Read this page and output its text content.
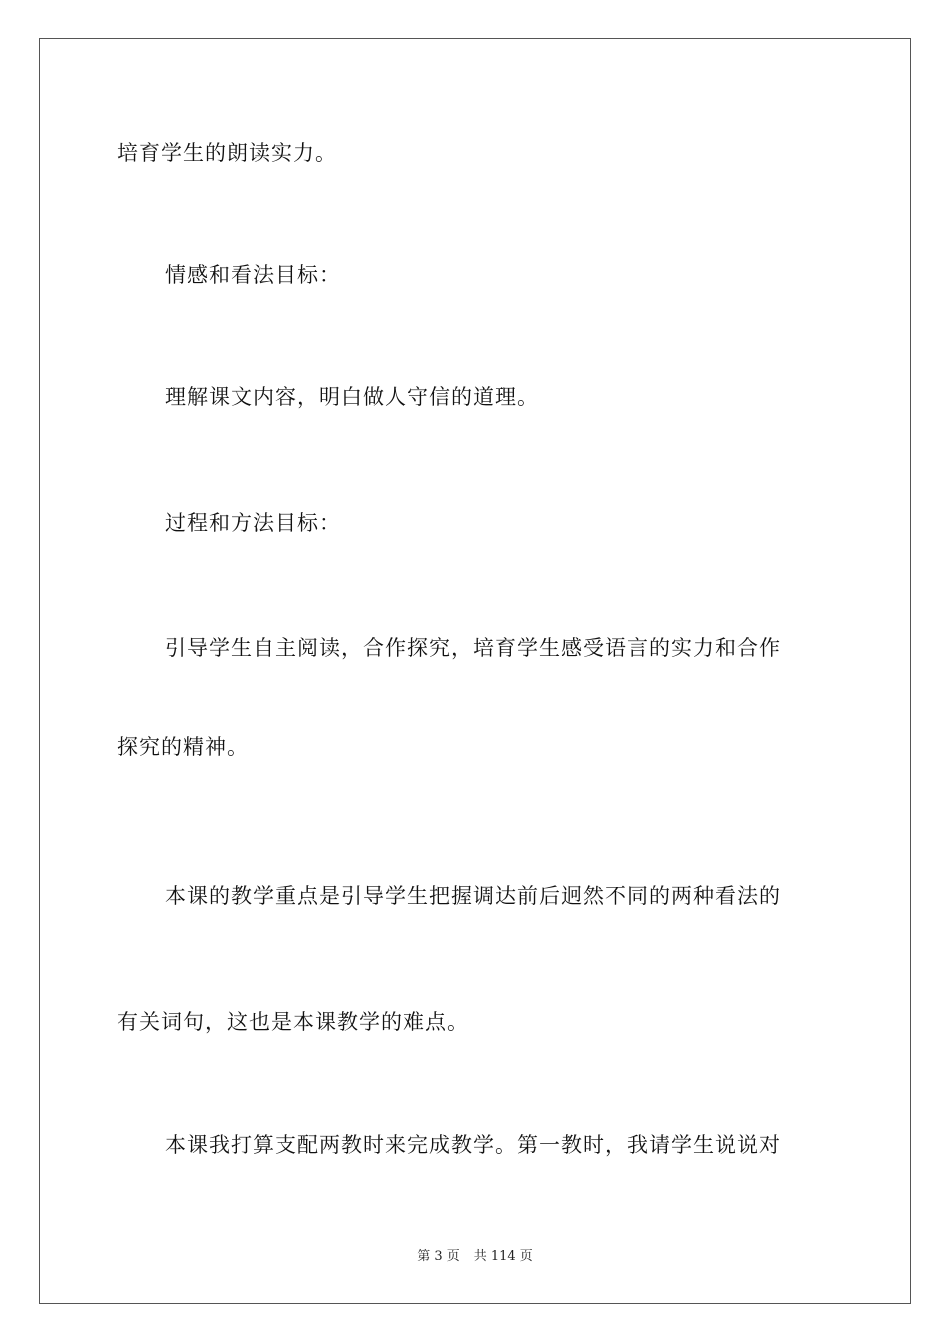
培育学生的朗读实力。
情感和看法目标：
理解课文内容，明白做人守信的道理。
过程和方法目标：
引导学生自主阅读，合作探究，培育学生感受语言的实力和合作
探究的精神。
本课的教学重点是引导学生把握调达前后迥然不同的两种看法的
有关词句，这也是本课教学的难点。
本课我打算支配两教时来完成教学。第一教时，我请学生说说对
第 3 页 共 114 页
